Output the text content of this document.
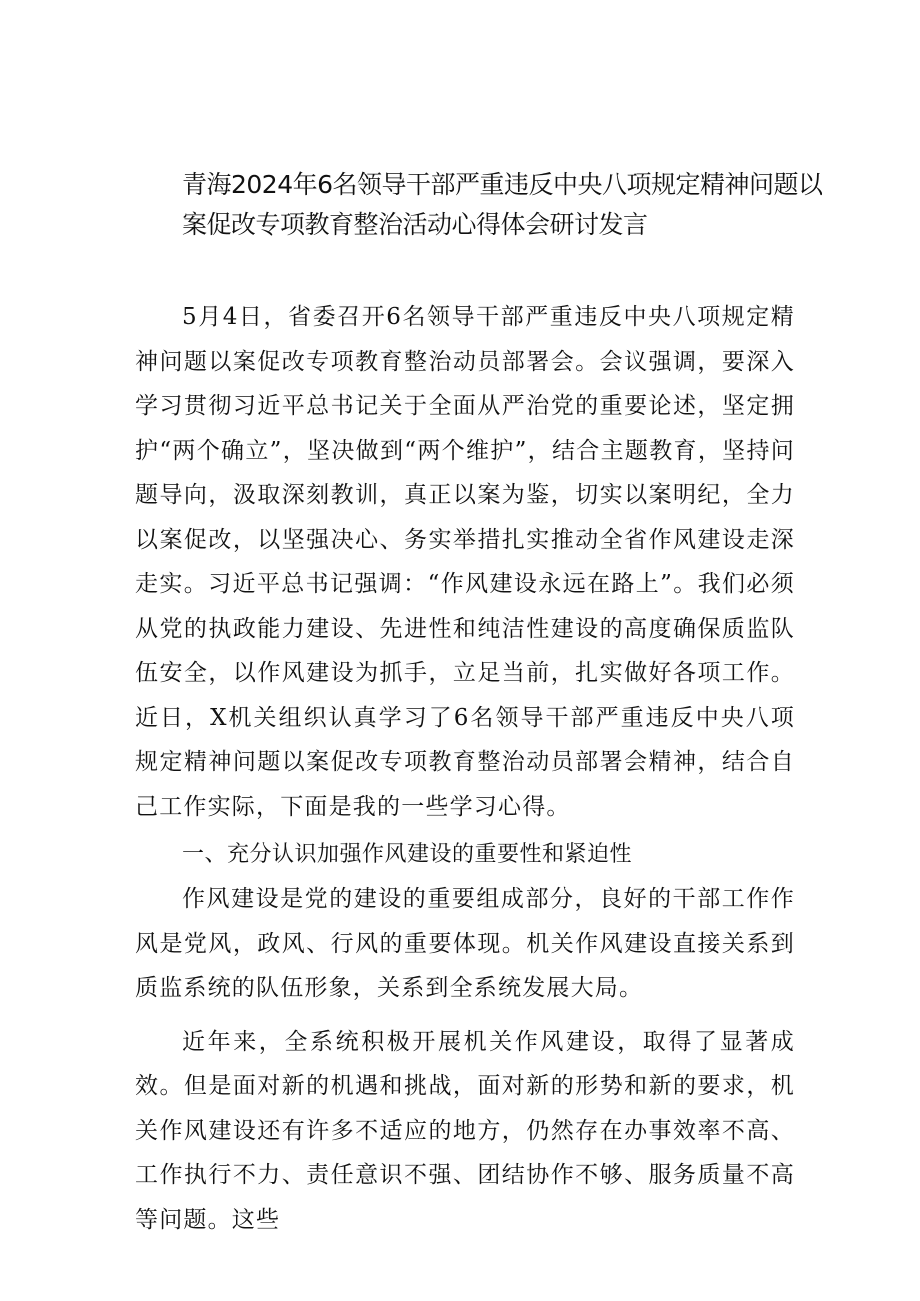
青海2024年6名领导干部严重违反中央八项规定精神问题以
案促改专项教育整治活动心得体会研讨发言

5月4日，省委召开6名领导干部严重违反中央八项规定精神问题以案促改专项教育整治动员部署会。会议强调，要深入学习贯彻习近平总书记关于全面从严治党的重要论述，坚定拥护“两个确立”，坚决做到“两个维护”，结合主题教育，坚持问题导向，汲取深刻教训，真正以案为鉴，切实以案明纪，全力以案促改，以坚强决心、务实举措扎实推动全省作风建设走深走实。习近平总书记强调：“作风建设永远在路上”。我们必须从党的执政能力建设、先进性和纯洁性建设的高度确保质监队伍安全，以作风建设为抓手，立足当前，扎实做好各项工作。近日，X机关组织认真学习了6名领导干部严重违反中央八项规定精神问题以案促改专项教育整治动员部署会精神，结合自己工作实际，下面是我的一些学习心得。

一、充分认识加强作风建设的重要性和紧迫性

作风建设是党的建设的重要组成部分，良好的干部工作作风是党风，政风、行风的重要体现。机关作风建设直接关系到质监系统的队伍形象，关系到全系统发展大局。

近年来，全系统积极开展机关作风建设，取得了显著成效。但是面对新的机遇和挑战，面对新的形势和新的要求，机关作风建设还有许多不适应的地方，仍然存在办事效率不高、工作执行不力、责任意识不强、团结协作不够、服务质量不高等问题。这些
